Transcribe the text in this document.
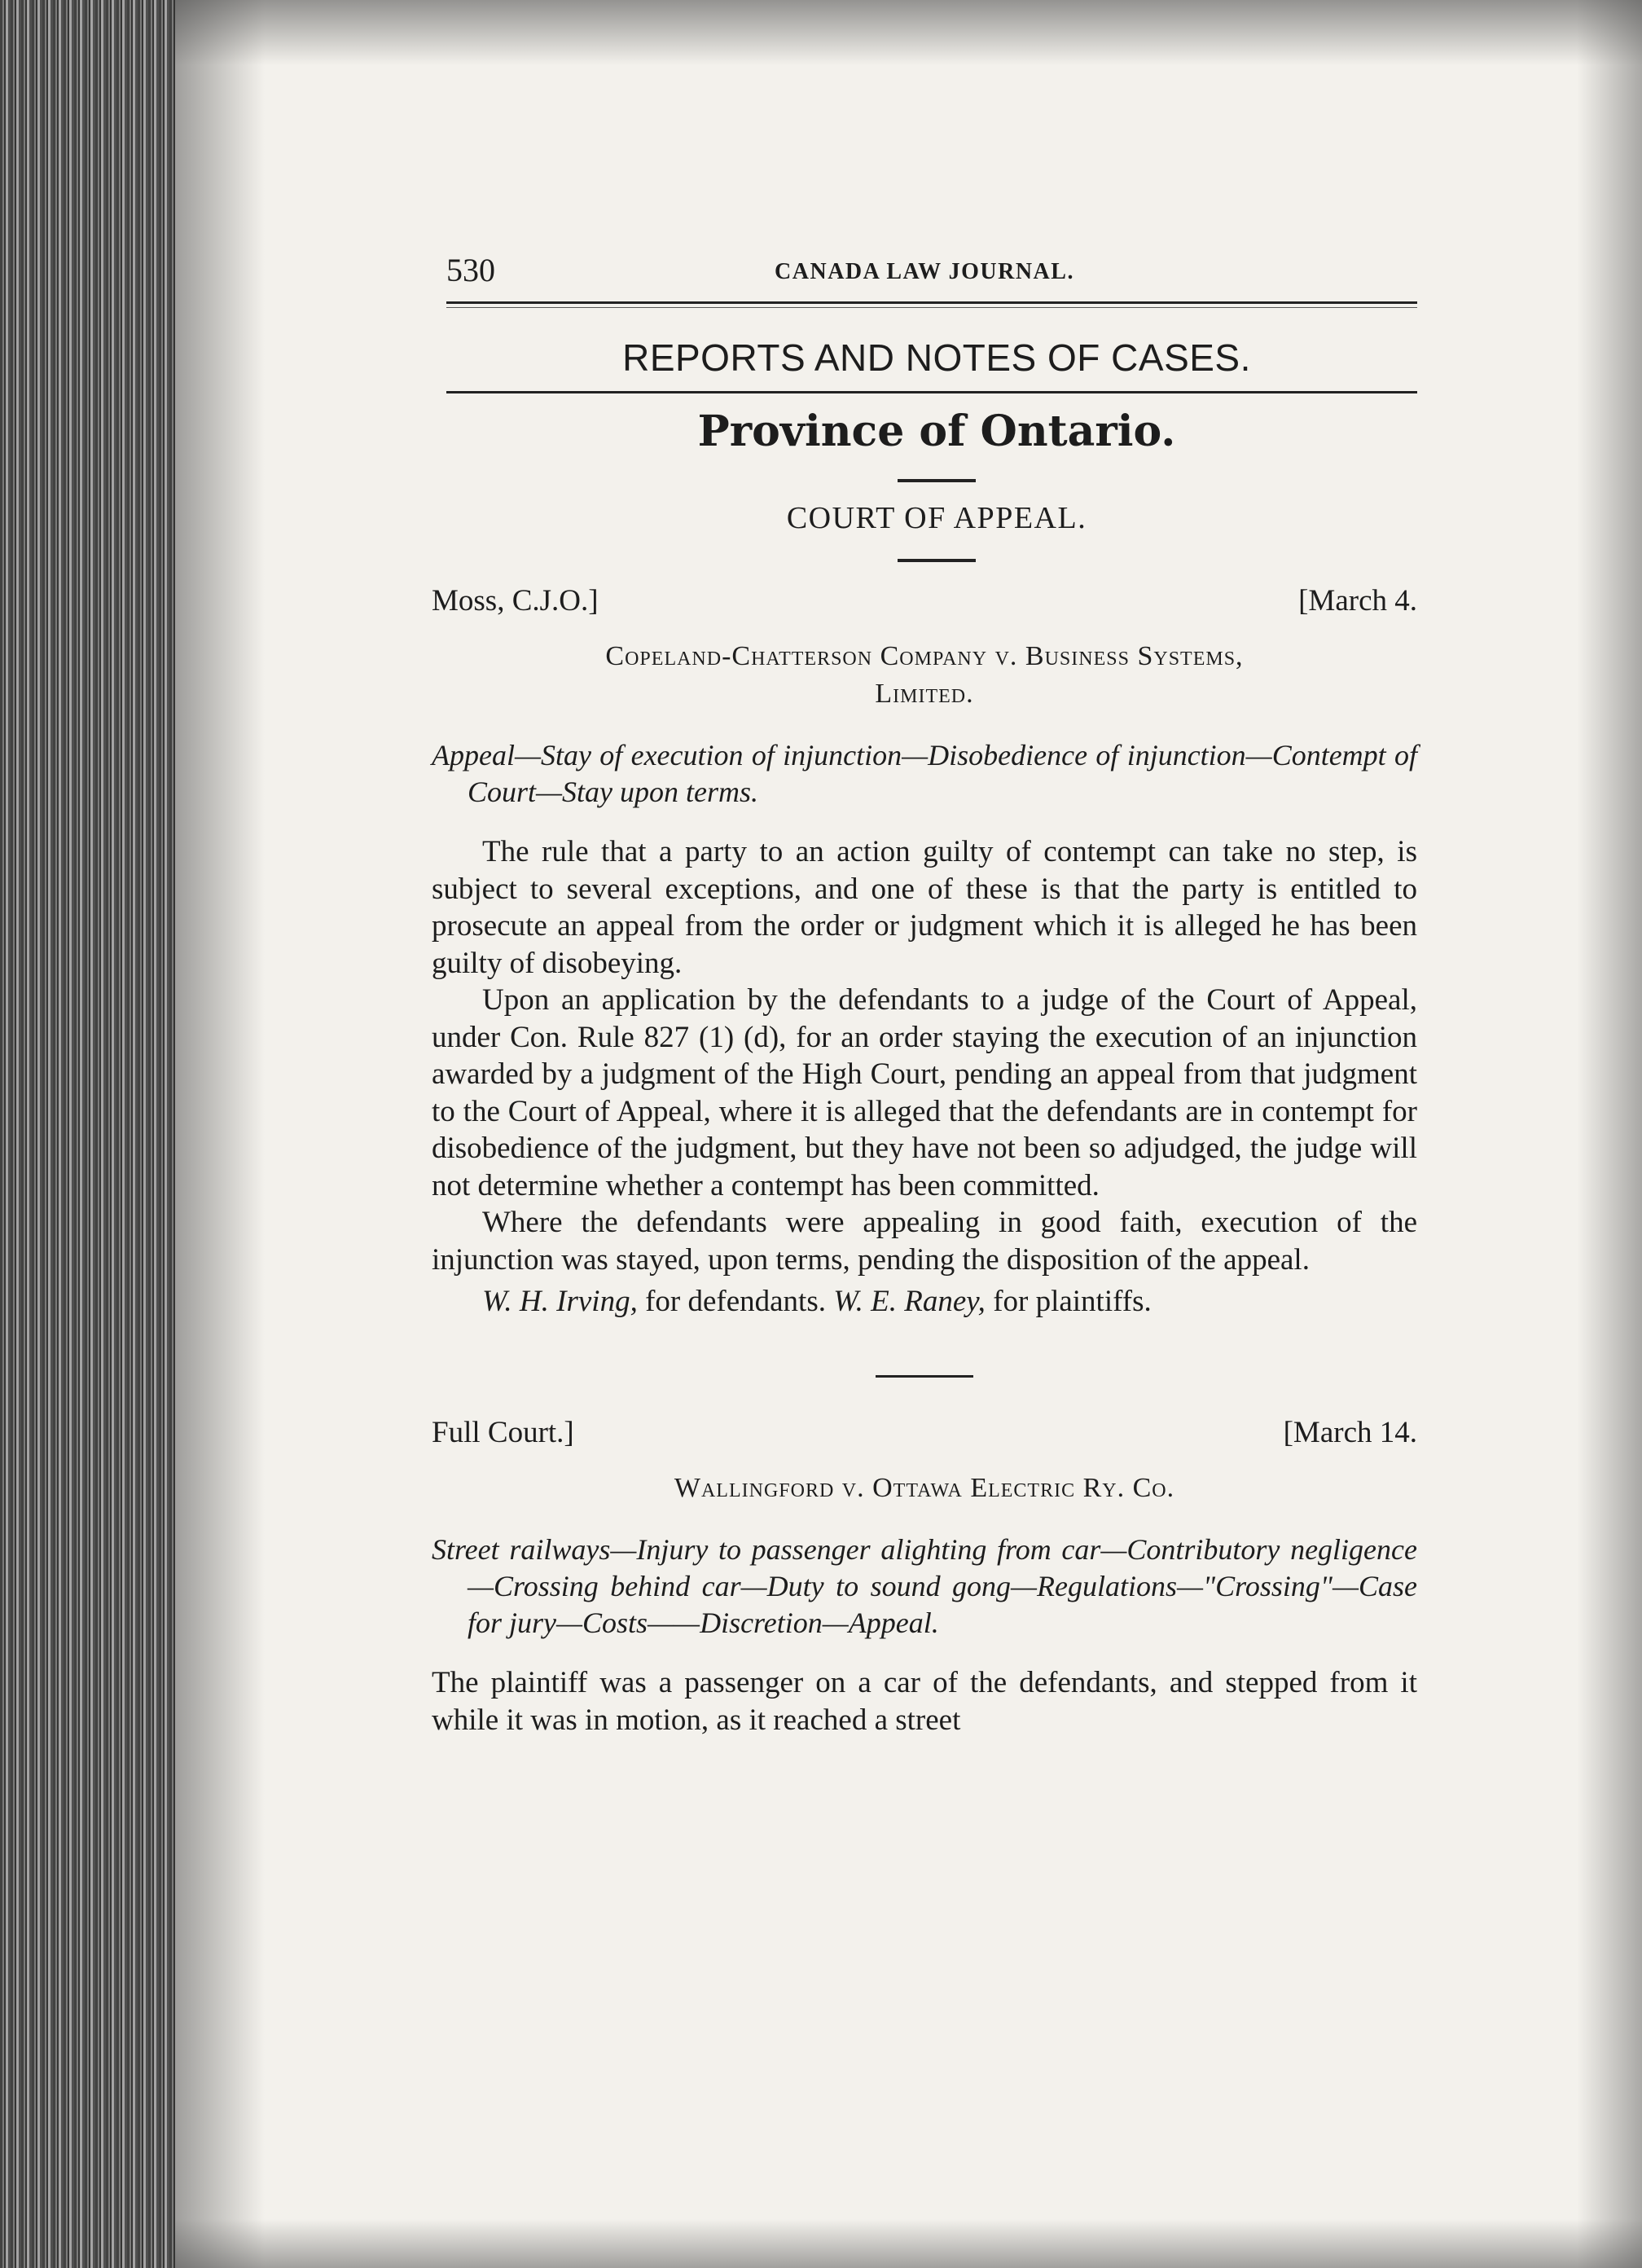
530	CANADA LAW JOURNAL.
REPORTS AND NOTES OF CASES.
Province of Ontario.
COURT OF APPEAL.
Moss, C.J.O.]	[March 4.
Copeland-Chatterson Company v. Business Systems,
Limited.

Appeal—Stay of execution of injunction—Disobedience of injunction—Contempt of Court—Stay upon terms.

The rule that a party to an action guilty of contempt can take no step, is subject to several exceptions, and one of these is that the party is entitled to prosecute an appeal from the order or judgment which it is alleged he has been guilty of disobeying.

Upon an application by the defendants to a judge of the Court of Appeal, under Con. Rule 827 (1) (d), for an order staying the execution of an injunction awarded by a judgment of the High Court, pending an appeal from that judgment to the Court of Appeal, where it is alleged that the defendants are in contempt for disobedience of the judgment, but they have not been so adjudged, the judge will not determine whether a contempt has been committed.

Where the defendants were appealing in good faith, execution of the injunction was stayed, upon terms, pending the disposition of the appeal.

W. H. Irving, for defendants. W. E. Raney, for plaintiffs.

Full Court.]	[March 14.
Wallingford v. Ottawa Electric Ry. Co.

Street railways—Injury to passenger alighting from car—Contributory negligence—Crossing behind car—Duty to sound gong—Regulations—"Crossing"—Case for jury—Costs——Discretion—Appeal.

The plaintiff was a passenger on a car of the defendants, and stepped from it while it was in motion, as it reached a street
